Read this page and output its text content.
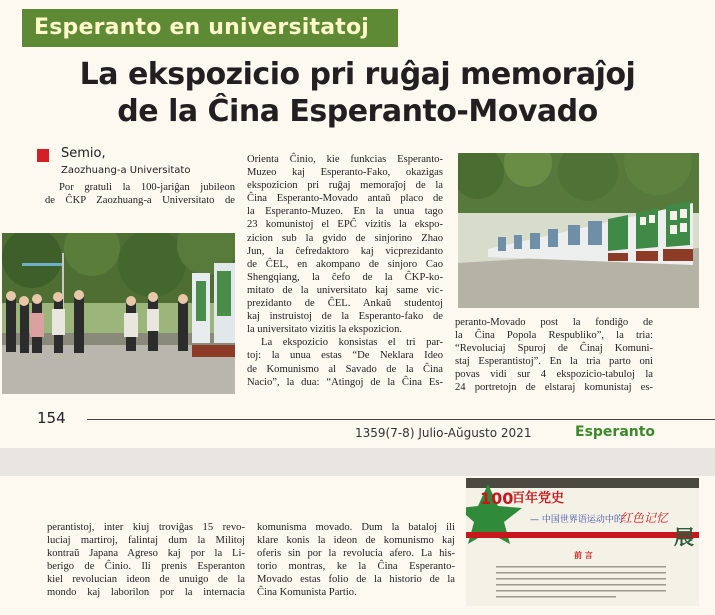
Esperanto en universitatoj
La ekspozicio pri ruĝaj memoraĵoj
de la Ĉina Esperanto-Movado
Semio,
Zaozhuang-a Universitato
Por gratuli la 100-jariĝan jubileon
de ĈKP Zaozhuang-a Universitato de
Orienta Ĉinio, kie funkcias Esperanto-
Muzeo kaj Esperanto-Fako, okazigas
ekspozicion pri ruĝaj memoraĵoj de la
Ĉina Esperanto-Movado antaŭ placo de
la Esperanto-Muzeo. En la unua tago
23 komunistoj el EPĈ vizitis la ekspo-
zicion sub la gvido de sinjorino Zhao
Jun, la ĉefredaktoro kaj vicprezidanto
de ĈEL, en akompano de sinjoro Cao
Shengqiang, la ĉefo de la ĈKP-ko-
mitato de la universitato kaj same vic-
prezidanto de ĈEL. Ankaŭ studentoj
kaj instruistoj de la Esperanto-fako de
la universitato vizitis la ekspozicion.
La ekspozicio konsistas el tri par-
toj: la unua estas “De Neklara Ideo
de Komunismo al Savado de la Ĉina
Nacio”, la dua: “Atingoj de la Ĉina Es-
peranto-Movado post la fondiĝo de
la Ĉina Popola Respubliko”, la tria:
“Revoluciaj Spuroj de Ĉinaj Komuni-
staj Esperantistoj”. En la tria parto oni
povas vidi sur 4 ekspozicio-tabuloj la
24 portretojn de elstaraj komunistaj es-
154
1359(7-8) Julio-Aŭgusto 2021	Esperanto
perantistoj, inter kiuj troviĝas 15 revo-
luciaj martiroj, falintaj dum la Militoj
kontraŭ Japana Agreso kaj por la Li-
berigo de Ĉinio. Ili prenis Esperanton
kiel revolucian ideon de unuigo de la
mondo kaj laborilon por la internacia
komunisma movado. Dum la bataloj ili
klare konis la ideon de komunismo kaj
oferis sin por la revolucia afero. La his-
torio montras, ke la Ĉina Esperanto-
Movado estas folio de la historio de la
Ĉina Komunista Partio.
100
百年党史
— 中国世界语运动中的
红色记忆
展
前 言
